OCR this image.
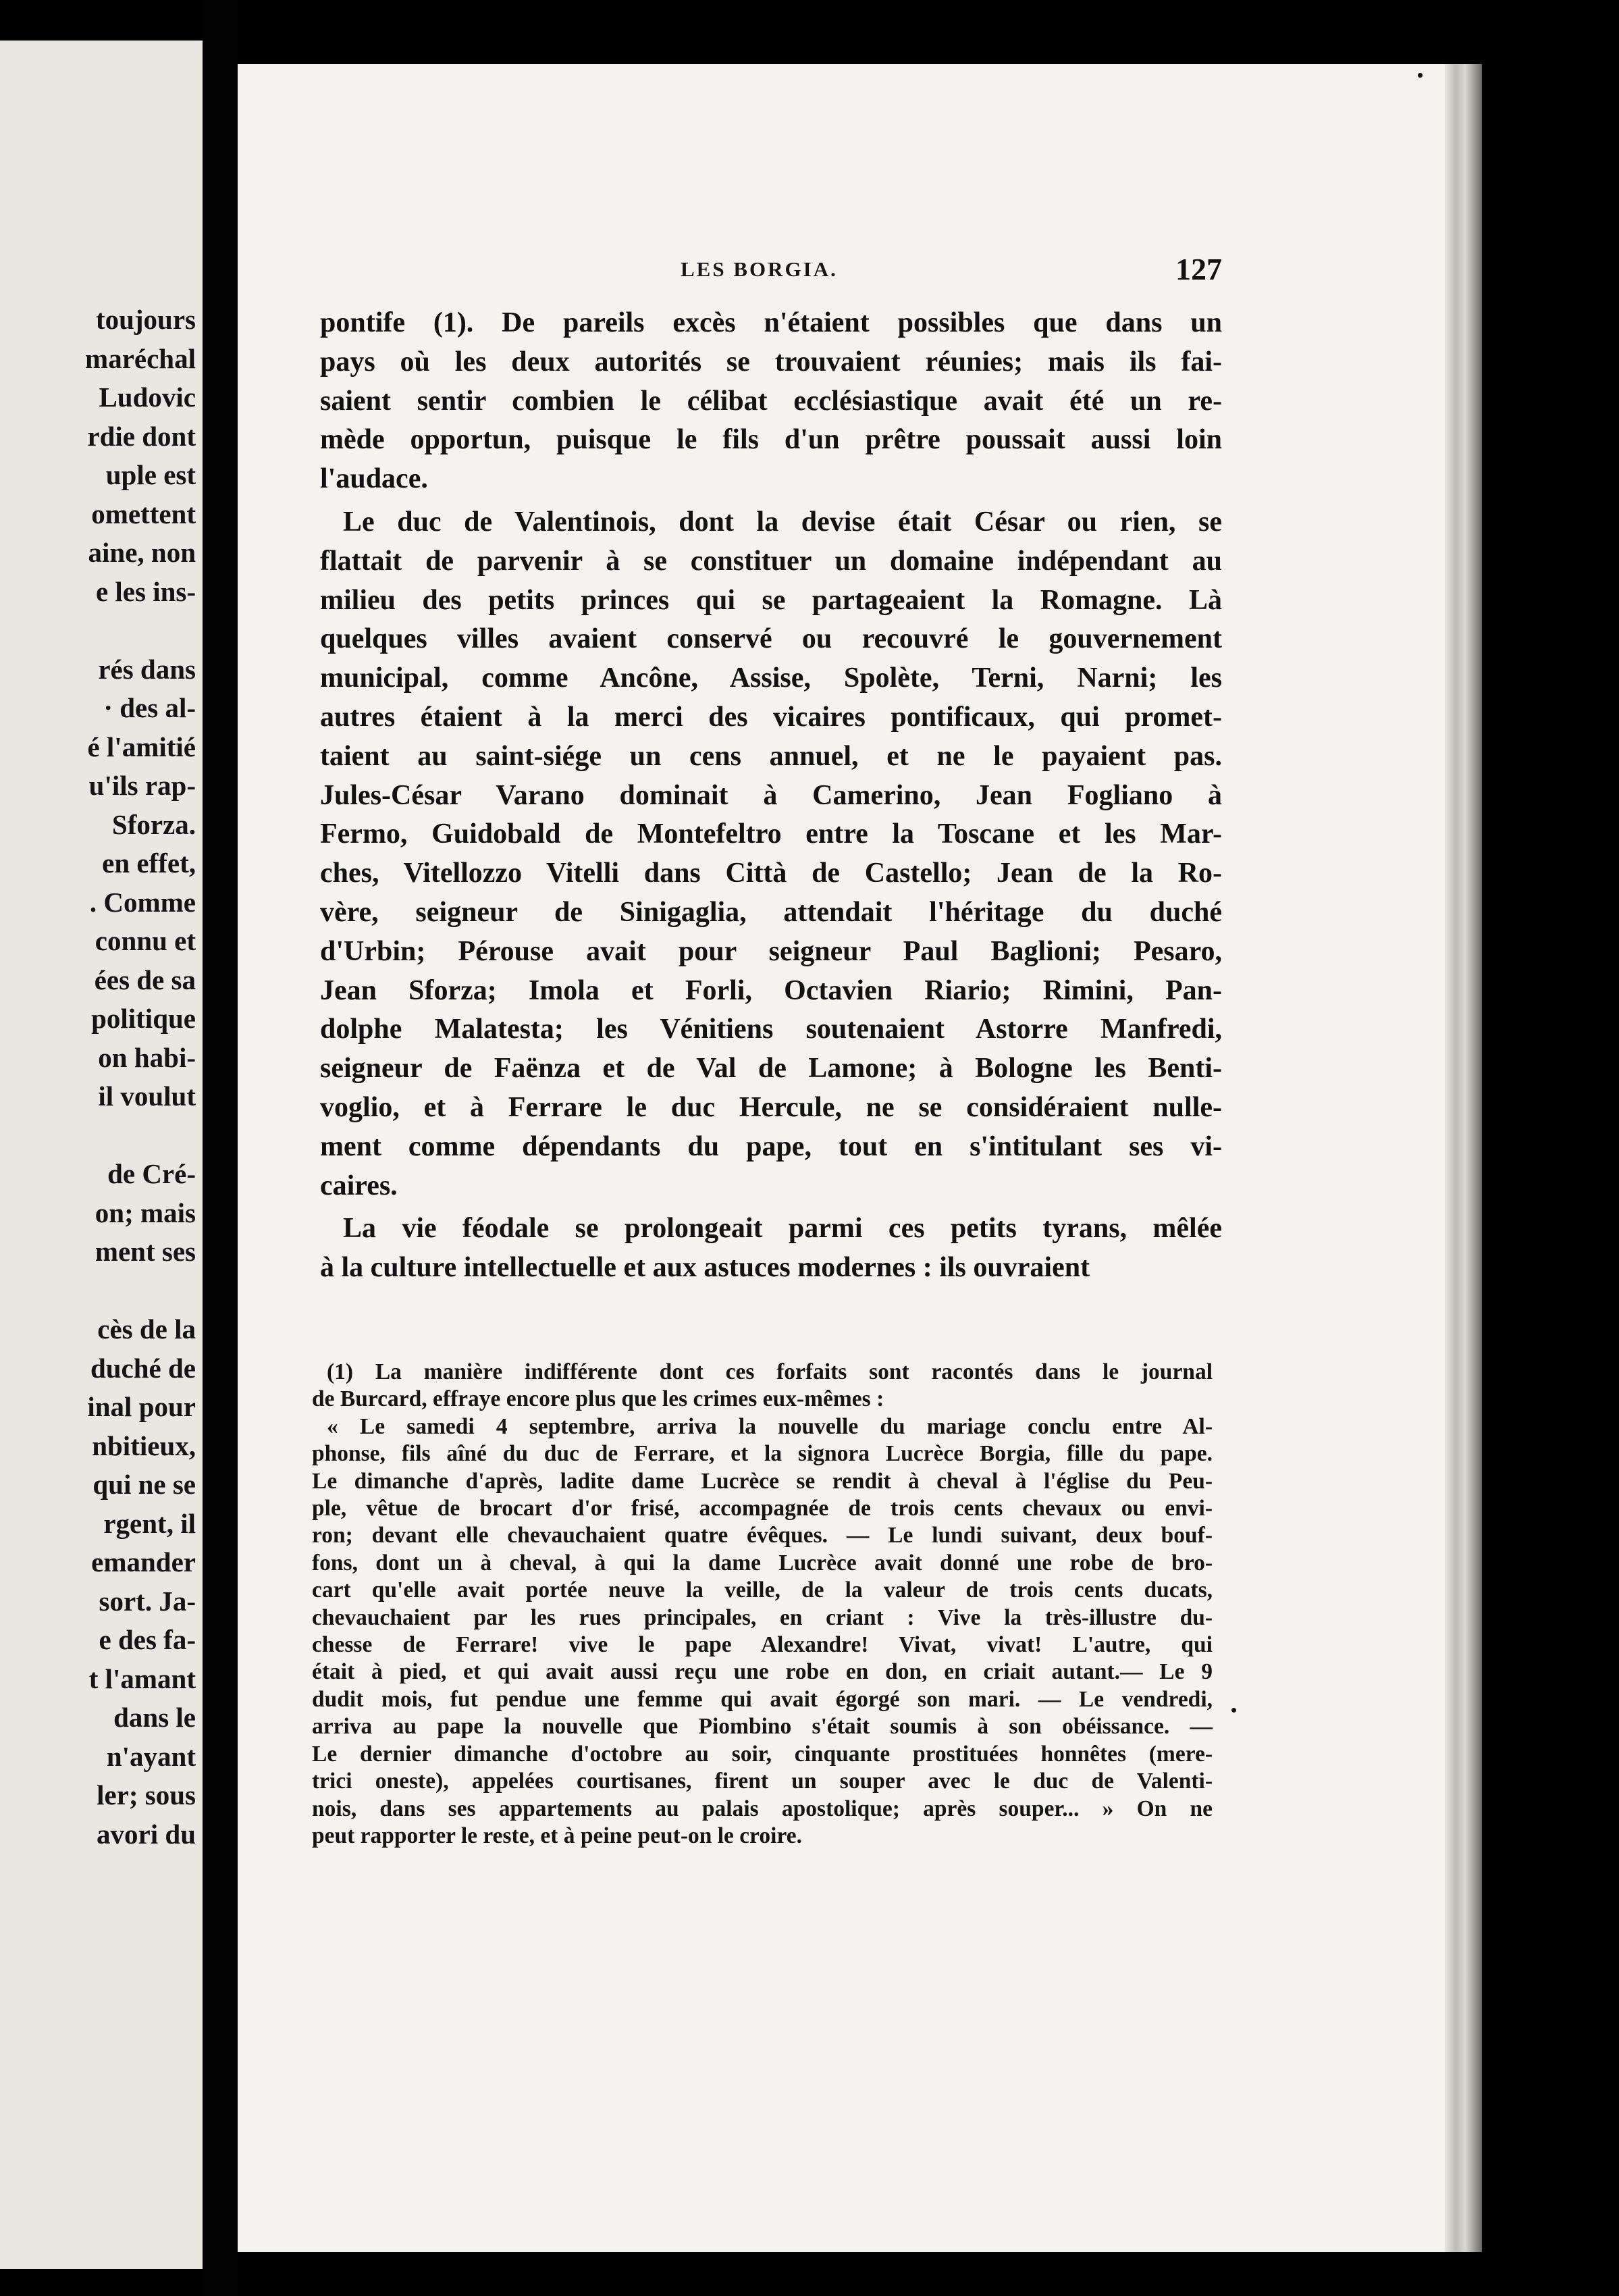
toujours
maréchal
Ludovic
rdie dont
uple est
omettent
aine, non
e les ins-

rés dans
· des al-
é l'amitié
u'ils rap-
Sforza.
en effet,
. Comme
connu et
ées de sa
politique
on habi-
il voulut

de Cré-
on; mais
ment ses

cès de la
duché de
inal pour
nbitieux,
qui ne se
rgent, il
emander
sort. Ja-
e des fa-
t l'amant
dans le
n'ayant
ler; sous
avori du
LES BORGIA.	127
pontife (1). De pareils excès n'étaient possibles que dans un
pays où les deux autorités se trouvaient réunies; mais ils fai-
saient sentir combien le célibat ecclésiastique avait été un re-
mède opportun, puisque le fils d'un prêtre poussait aussi loin
l'audace.
Le duc de Valentinois, dont la devise était César ou rien, se
flattait de parvenir à se constituer un domaine indépendant au
milieu des petits princes qui se partageaient la Romagne. Là
quelques villes avaient conservé ou recouvré le gouvernement
municipal, comme Ancône, Assise, Spolète, Terni, Narni; les
autres étaient à la merci des vicaires pontificaux, qui promet-
taient au saint-siége un cens annuel, et ne le payaient pas.
Jules-César Varano dominait à Camerino, Jean Fogliano à
Fermo, Guidobald de Montefeltro entre la Toscane et les Mar-
ches, Vitellozzo Vitelli dans Città de Castello; Jean de la Ro-
vère, seigneur de Sinigaglia, attendait l'héritage du duché
d'Urbin; Pérouse avait pour seigneur Paul Baglioni; Pesaro,
Jean Sforza; Imola et Forli, Octavien Riario; Rimini, Pan-
dolphe Malatesta; les Vénitiens soutenaient Astorre Manfredi,
seigneur de Faënza et de Val de Lamone; à Bologne les Benti-
voglio, et à Ferrare le duc Hercule, ne se considéraient nulle-
ment comme dépendants du pape, tout en s'intitulant ses vi-
caires.
La vie féodale se prolongeait parmi ces petits tyrans, mêlée
à la culture intellectuelle et aux astuces modernes : ils ouvraient
(1) La manière indifférente dont ces forfaits sont racontés dans le journal
de Burcard, effraye encore plus que les crimes eux-mêmes :
« Le samedi 4 septembre, arriva la nouvelle du mariage conclu entre Al-
phonse, fils aîné du duc de Ferrare, et la signora Lucrèce Borgia, fille du pape.
Le dimanche d'après, ladite dame Lucrèce se rendit à cheval à l'église du Peu-
ple, vêtue de brocart d'or frisé, accompagnée de trois cents chevaux ou envi-
ron; devant elle chevauchaient quatre évêques. — Le lundi suivant, deux bouf-
fons, dont un à cheval, à qui la dame Lucrèce avait donné une robe de bro-
cart qu'elle avait portée neuve la veille, de la valeur de trois cents ducats,
chevauchaient par les rues principales, en criant : Vive la très-illustre du-
chesse de Ferrare! vive le pape Alexandre! Vivat, vivat! L'autre, qui
était à pied, et qui avait aussi reçu une robe en don, en criait autant.— Le 9
dudit mois, fut pendue une femme qui avait égorgé son mari. — Le vendredi,
arriva au pape la nouvelle que Piombino s'était soumis à son obéissance. —
Le dernier dimanche d'octobre au soir, cinquante prostituées honnêtes (mere-
trici oneste), appelées courtisanes, firent un souper avec le duc de Valenti-
nois, dans ses appartements au palais apostolique; après souper... » On ne
peut rapporter le reste, et à peine peut-on le croire.
